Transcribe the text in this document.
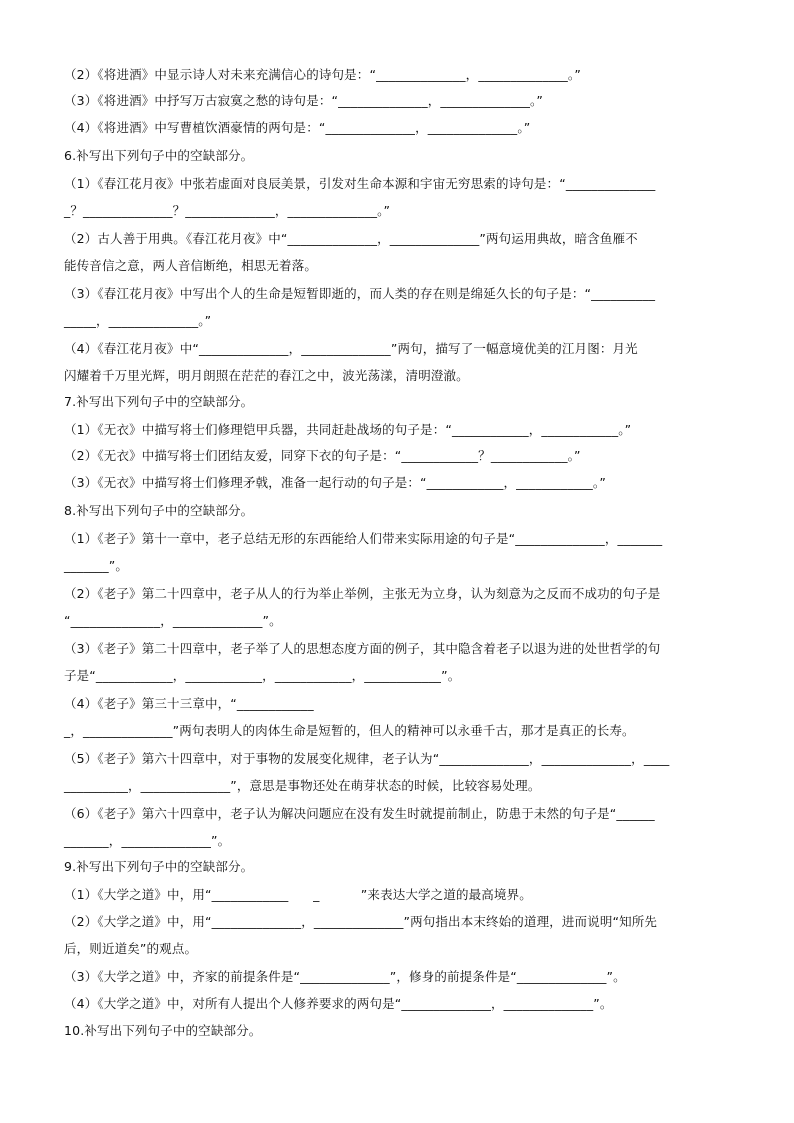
（2）《将进酒》中显示诗人对未来充满信心的诗句是：“______________，______________。”
（3）《将进酒》中抒写万古寂寞之愁的诗句是：“______________，______________。”
（4）《将进酒》中写曹植饮酒豪情的两句是：“______________，______________。”
6.补写出下列句子中的空缺部分。
（1）《春江花月夜》中张若虚面对良辰美景，引发对生命本源和宇宙无穷思索的诗句是：“______________
_？______________？______________，______________。”
（2）古人善于用典。《春江花月夜》中“______________，______________”两句运用典故，暗含鱼雁不
能传音信之意，两人音信断绝，相思无着落。
（3）《春江花月夜》中写出个人的生命是短暂即逝的，而人类的存在则是绵延久长的句子是：“__________
_____，______________。”
（4）《春江花月夜》中“______________，______________”两句，描写了一幅意境优美的江月图：月光
闪耀着千万里光辉，明月朗照在茫茫的春江之中，波光荡漾，清明澄澈。
7.补写出下列句子中的空缺部分。
（1）《无衣》中描写将士们修理铠甲兵器，共同赶赴战场的句子是：“____________，____________。”
（2）《无衣》中描写将士们团结友爱，同穿下衣的句子是：“____________？____________。”
（3）《无衣》中描写将士们修理矛戟，准备一起行动的句子是：“____________，____________。”
8.补写出下列句子中的空缺部分。
（1）《老子》第十一章中，老子总结无形的东西能给人们带来实际用途的句子是“______________，_______
_______”。
（2）《老子》第二十四章中，老子从人的行为举止举例，主张无为立身，认为刻意为之反而不成功的句子是
“______________，______________”。
（3）《老子》第二十四章中，老子举了人的思想态度方面的例子，其中隐含着老子以退为进的处世哲学的句
子是“____________，____________，____________，____________”。
（4）《老子》第三十三章中，“____________
_，______________”两句表明人的肉体生命是短暂的，但人的精神可以永垂千古，那才是真正的长寿。
（5）《老子》第六十四章中，对于事物的发展变化规律，老子认为“______________，______________，____
__________，______________”，意思是事物还处在萌芽状态的时候，比较容易处理。
（6）《老子》第六十四章中，老子认为解决问题应在没有发生时就提前制止，防患于未然的句子是“______
_______，______________”。
9.补写出下列句子中的空缺部分。
（1）《大学之道》中，用“____________      _          ”来表达大学之道的最高境界。
（2）《大学之道》中，用“______________，______________”两句指出本末终始的道理，进而说明“知所先
后，则近道矣”的观点。
（3）《大学之道》中，齐家的前提条件是“______________”，修身的前提条件是“______________”。
（4）《大学之道》中，对所有人提出个人修养要求的两句是“______________，______________”。
10.补写出下列句子中的空缺部分。
